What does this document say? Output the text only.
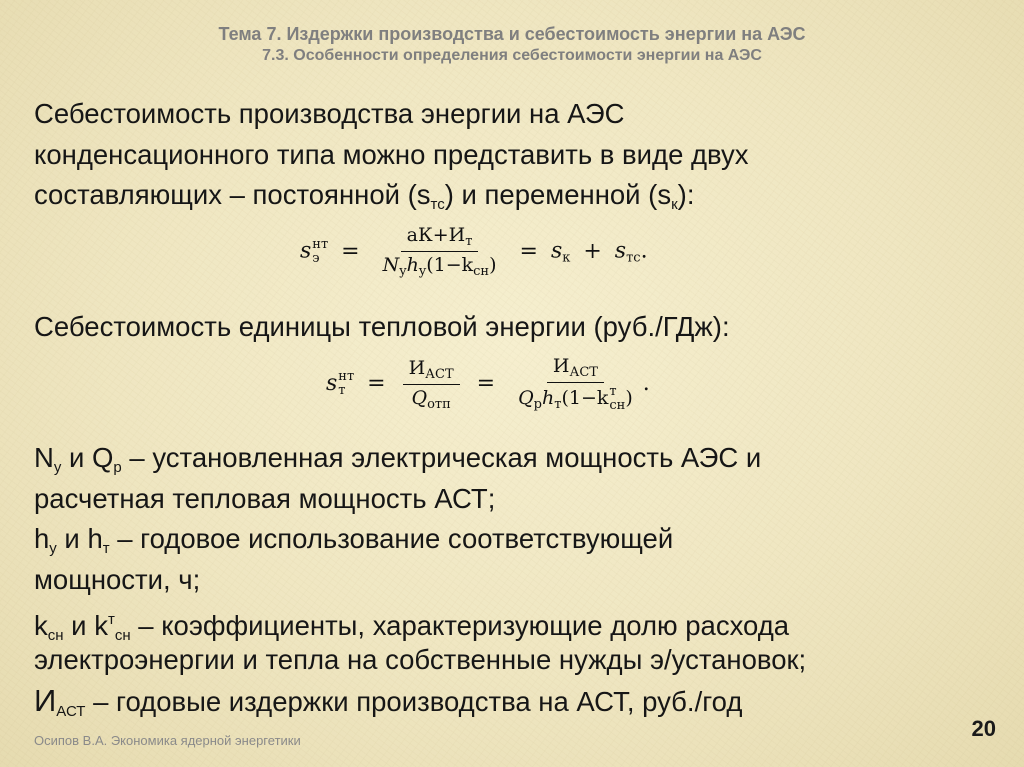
Тема 7. Издержки производства и себестоимость энергии на АЭС
7.3. Особенности определения себестоимости энергии на АЭС
Себестоимость производства энергии на АЭС
конденсационного типа можно представить в виде двух
составляющих – постоянной $(s_{тс})$ и переменной $(s_к)$:
s нт
$э = \frac{аК+И_т}{N_yh_y(1-k_{сн})} = s_к + s_{тс}$.
Себестоимость единицы тепловой энергии (руб./ГДж):
s нт
$т = \frac{И_{АСТ}}{Q_{отп}} = И_{АСТ}$
$Q_рh_т(1-k$ т
сн ) .
$N_y$ и $Q_р$ – установленная электрическая мощность АЭС и
расчетная тепловая мощность АСТ;
$h_у$ и $h_т$ – годовое использование соответствующей
мощности, ч;
$k_{сн}$ и $k^т_{сн}$ – коэффициенты, характеризующие долю расхода
электроэнергии и тепла на собственные нужды э/установок;
$И_{АСТ}$ – годовые издержки производства на АСТ, руб./год
Осипов В.А. Экономика ядерной энергетики	20
